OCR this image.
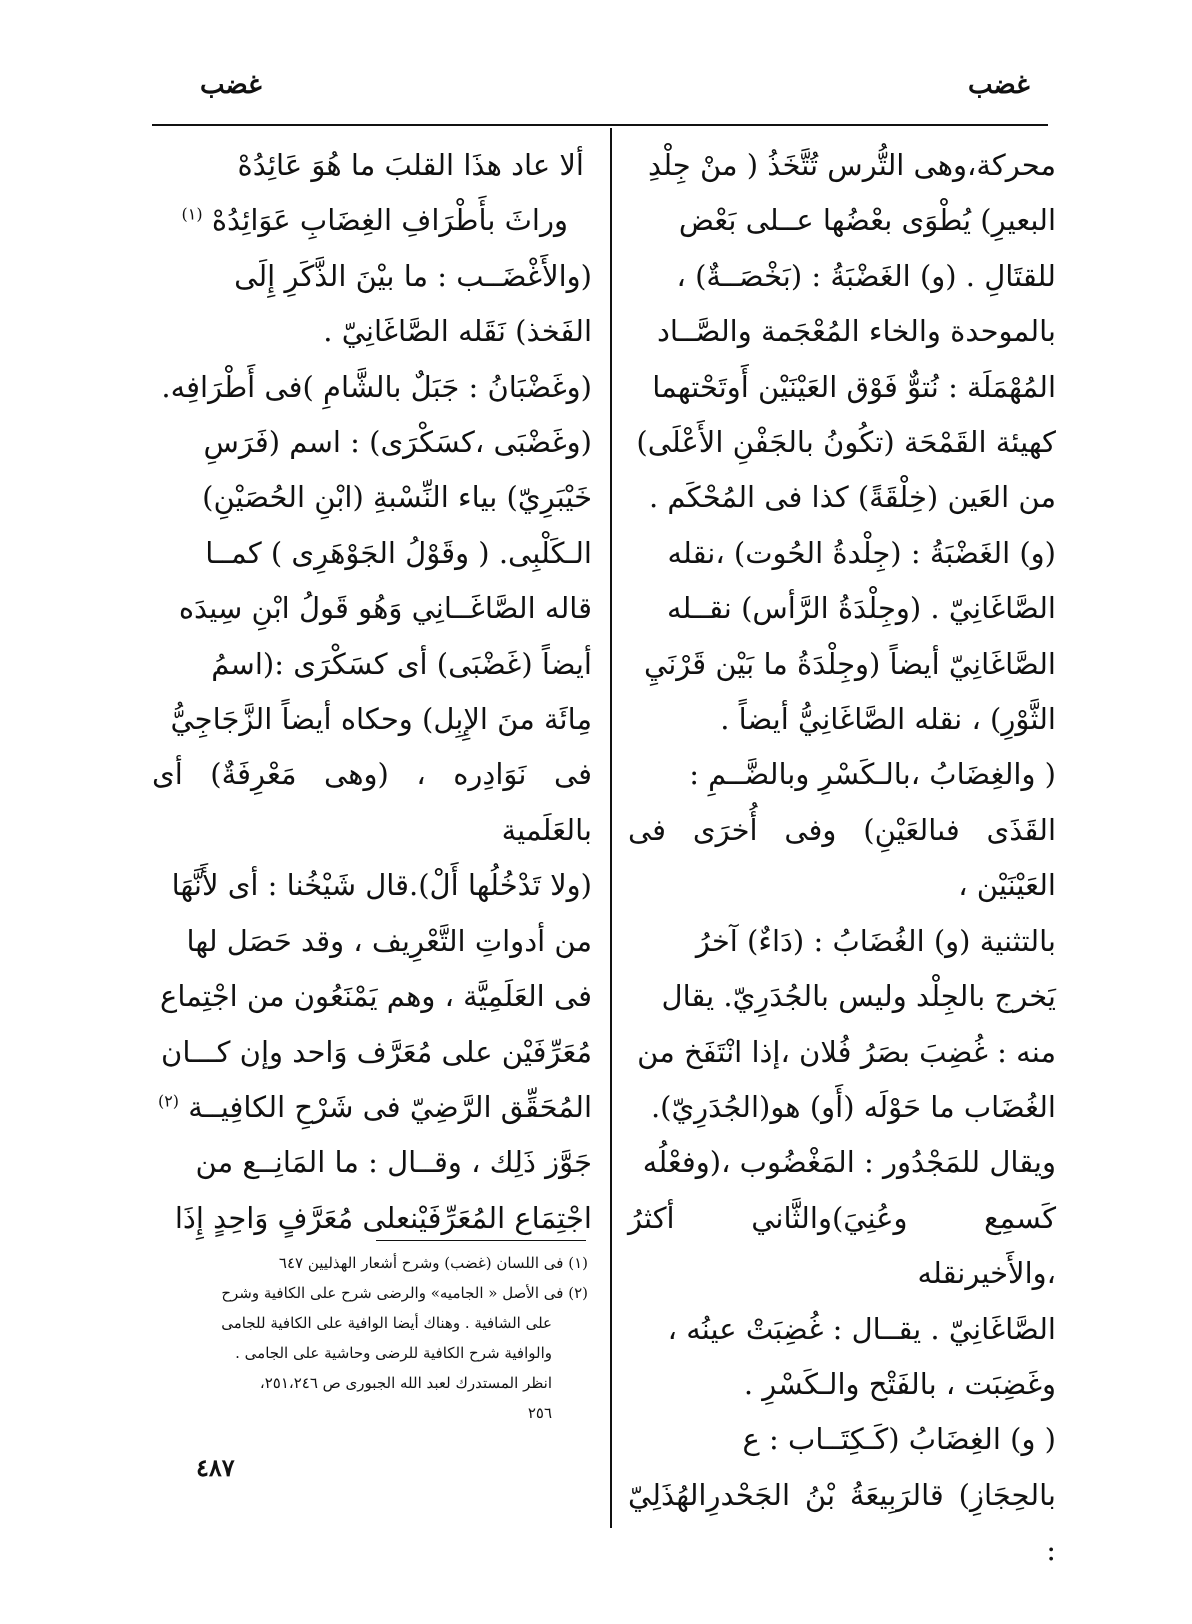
غضب
غضب

محركة،وهى التُّرس تُتَّخَذُ ( منْ جِلْدِ

البعيرِ) يُطْوَى بعْضُها عــلى بَعْض

للقتَالِ . (و) الغَضْبَةُ : (بَخْصَــةٌ) ،

بالموحدة والخاء المُعْجَمة والصَّــاد

المُهْمَلَة : نُتوٌّ فَوْق العَيْنَيْن أَوتَحْتهما

كهيئة القَمْحَة (تكُونُ بالجَفْنِ الأَعْلَى)

من العَين (خِلْقَةً) كذا فى المُحْكَم .

(و) الغَضْبَةُ : (جِلْدةُ الحُوت) ،نقله

الصَّاغَانِيّ . (وجِلْدَةُ الرَّأس) نقــله

الصَّاغَانِيّ أيضاً (وجِلْدَةُ ما بَيْن قَرْنَيِ

الثَّوْرِ) ، نقله الصَّاغَانِيُّ أيضاً .

( والغِضَابُ ،بالـكَسْرِ وبالضَّــمِ :

القَذَى فىالعَيْنِ) وفى أُخرَى فى العَيْنَيْن ،

بالتثنية (و) الغُضَابُ : (دَاءٌ) آخرُ

يَخرج بالجِلْد وليس بالجُدَرِيّ. يقال

منه : غُضِبَ بصَرُ فُلان ،إذا انْتَفَخ من

الغُضَاب ما حَوْلَه (أَو) هو(الجُدَرِيّ).

ويقال للمَجْدُور : المَغْضُوب ،(وفعْلُه

كَسمِع وعُنِيَ)والثَّاني أكثرُ ،والأَخيرنقله

الصَّاغَانِيّ . يقــال : غُضِبَتْ عينُه ،

وغَضِبَت ، بالفَتْح والـكَسْرِ .

( و) الغِضَابُ (كَـكِتَــاب : ع

بالحِجَازِ) قالرَبِيعَةُ بْنُ الجَحْدرِالهُذَلِيّ :

ألا عاد هذَا القلبَ ما هُوَ عَائِدُهْ

وراثَ بأَطْرَافِ الغِضَابِ عَوَائِدُهْ $^{(١)}$

(والأَغْضَــب : ما بيْنَ الذَّكَرِ إِلَى

الفَخذ) نَقَله الصَّاغَانِيّ .

(وغَضْبَانُ : جَبَلٌ بالشَّامِ )فى أَطْرَافِه.

(وغَضْبَى ،كسَكْرَى) : اسم (فَرَسِ

خَيْبَرِيّ) بياء النِّسْبةِ (ابْنِ الحُصَيْنِ)

الـكَلْبِى. ( وقَوْلُ الجَوْهَرِى ) كمــا

قاله الصَّاغَــانِي وَهُو قَولُ ابْنِ سِيدَه

أيضاً (غَضْبَى) أى كسَكْرَى :(اسمُ

مِائَة منَ الإِبِل) وحكاه أيضاً الزَّجَاجِيُّ

فى نَوَادِره ، (وهى مَعْرِفَةٌ) أى بالعَلَمية

(ولا تَدْخُلُها أَلْ).قال شَيْخُنا : أى لأَنَّهَا

من أدواتِ التَّعْرِيف ، وقد حَصَل لها

فى العَلَمِيَّة ، وهم يَمْنَعُون من اجْتِماع

مُعَرِّفَيْن على مُعَرَّف وَاحد وإن كـــان

المُحَقِّق الرَّضِيّ فى شَرْحِ الكافِيــة $^{(٢)}$

جَوَّز ذَلِك ، وقــال : ما المَانِــع من

اجْتِمَاع المُعَرِّفَيْنعلى مُعَرَّفٍ وَاحِدٍ إِذَا

(١) فى اللسان (غضب) وشرح أشعار الهذليين ٦٤٧

(٢) فى الأصل « الجاميه» والرضى شرح على الكافية وشرح

على الشافية . وهناك أيضا الوافية على الكافية للجامى

والوافية شرح الكافية للرضى وحاشية على الجامى .

انظر المستدرك لعبد الله الجبورى ص ٢٥١،٢٤٦،

٢٥٦

٤٨٧
